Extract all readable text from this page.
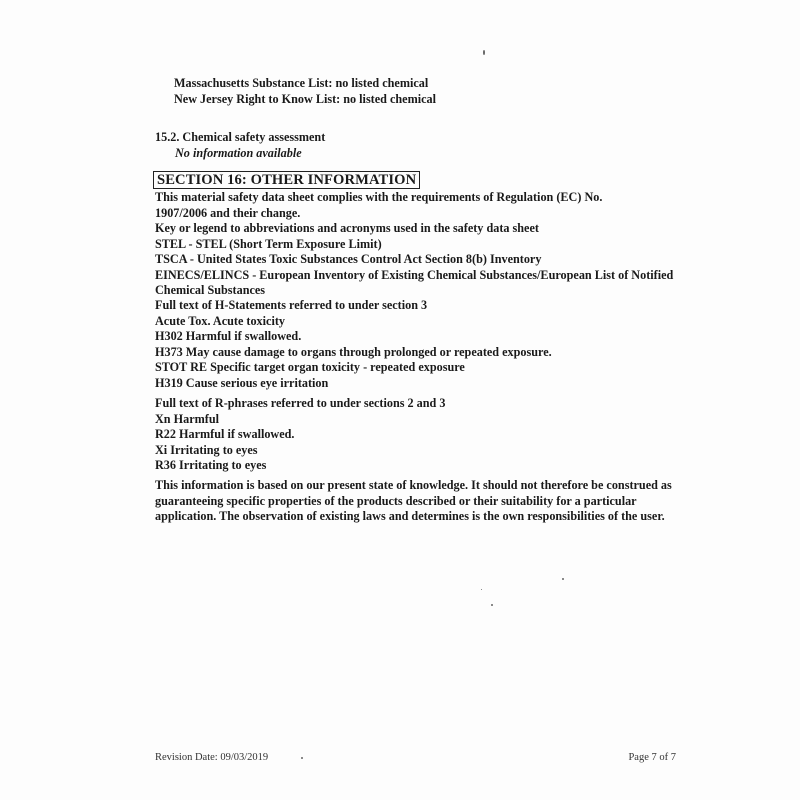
Massachusetts Substance List: no listed chemical
New Jersey Right to Know List: no listed chemical
15.2. Chemical safety assessment
No information available
SECTION 16: OTHER INFORMATION
This material safety data sheet complies with the requirements of Regulation (EC) No.
1907/2006 and their change.
Key or legend to abbreviations and acronyms used in the safety data sheet
STEL - STEL (Short Term Exposure Limit)
TSCA - United States Toxic Substances Control Act Section 8(b) Inventory
EINECS/ELINCS - European Inventory of Existing Chemical Substances/European List of Notified
Chemical Substances
Full text of H-Statements referred to under section 3
Acute Tox. Acute toxicity
H302 Harmful if swallowed.
H373 May cause damage to organs through prolonged or repeated exposure.
STOT RE Specific target organ toxicity - repeated exposure
H319 Cause serious eye irritation
Full text of R-phrases referred to under sections 2 and 3
Xn Harmful
R22 Harmful if swallowed.
Xi Irritating to eyes
R36 Irritating to eyes
This information is based on our present state of knowledge. It should not therefore be construed as
guaranteeing specific properties of the products described or their suitability for a particular
application. The observation of existing laws and determines is the own responsibilities of the user.
Revision Date: 09/03/2019	Page 7 of 7
